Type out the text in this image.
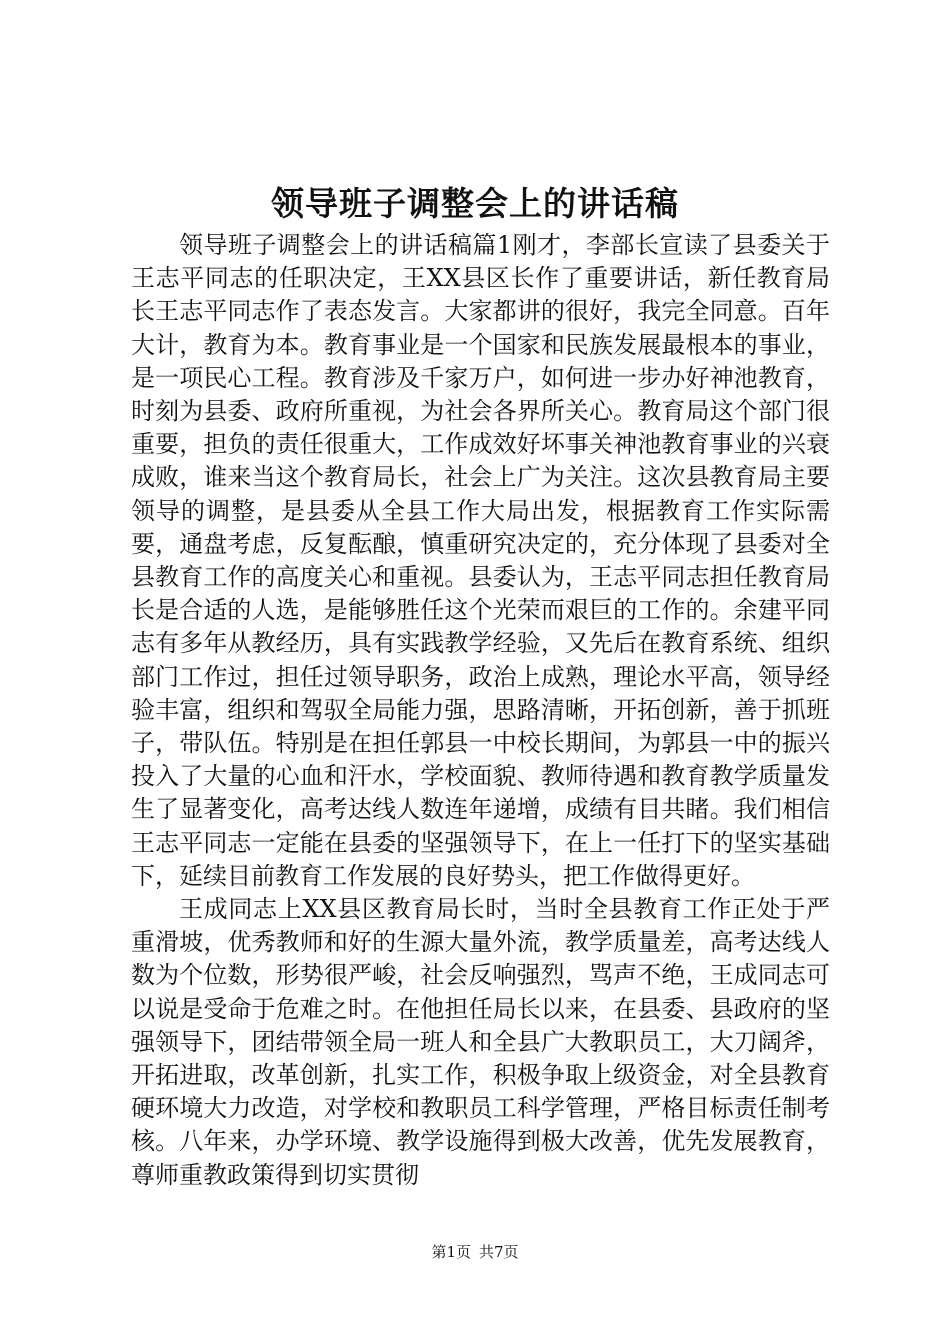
领导班子调整会上的讲话稿

领导班子调整会上的讲话稿篇1刚才，李部长宣读了县委关于王志平同志的任职决定，王XX县区长作了重要讲话，新任教育局长王志平同志作了表态发言。大家都讲的很好，我完全同意。百年大计，教育为本。教育事业是一个国家和民族发展最根本的事业，是一项民心工程。教育涉及千家万户，如何进一步办好神池教育，时刻为县委、政府所重视，为社会各界所关心。教育局这个部门很重要，担负的责任很重大，工作成效好坏事关神池教育事业的兴衰成败，谁来当这个教育局长，社会上广为关注。这次县教育局主要领导的调整，是县委从全县工作大局出发，根据教育工作实际需要，通盘考虑，反复酝酿，慎重研究决定的，充分体现了县委对全县教育工作的高度关心和重视。县委认为，王志平同志担任教育局长是合适的人选，是能够胜任这个光荣而艰巨的工作的。余建平同志有多年从教经历，具有实践教学经验，又先后在教育系统、组织部门工作过，担任过领导职务，政治上成熟，理论水平高，领导经验丰富，组织和驾驭全局能力强，思路清晰，开拓创新，善于抓班子，带队伍。特别是在担任郭县一中校长期间，为郭县一中的振兴投入了大量的心血和汗水，学校面貌、教师待遇和教育教学质量发生了显著变化，高考达线人数连年递增，成绩有目共睹。我们相信王志平同志一定能在县委的坚强领导下，在上一任打下的坚实基础下，延续目前教育工作发展的良好势头，把工作做得更好。

王成同志上XX县区教育局长时，当时全县教育工作正处于严重滑坡，优秀教师和好的生源大量外流，教学质量差，高考达线人数为个位数，形势很严峻，社会反响强烈，骂声不绝，王成同志可以说是受命于危难之时。在他担任局长以来，在县委、县政府的坚强领导下，团结带领全局一班人和全县广大教职员工，大刀阔斧，开拓进取，改革创新，扎实工作，积极争取上级资金，对全县教育硬环境大力改造，对学校和教职员工科学管理，严格目标责任制考核。八年来，办学环境、教学设施得到极大改善，优先发展教育，尊师重教政策得到切实贯彻

第1页 共7页
